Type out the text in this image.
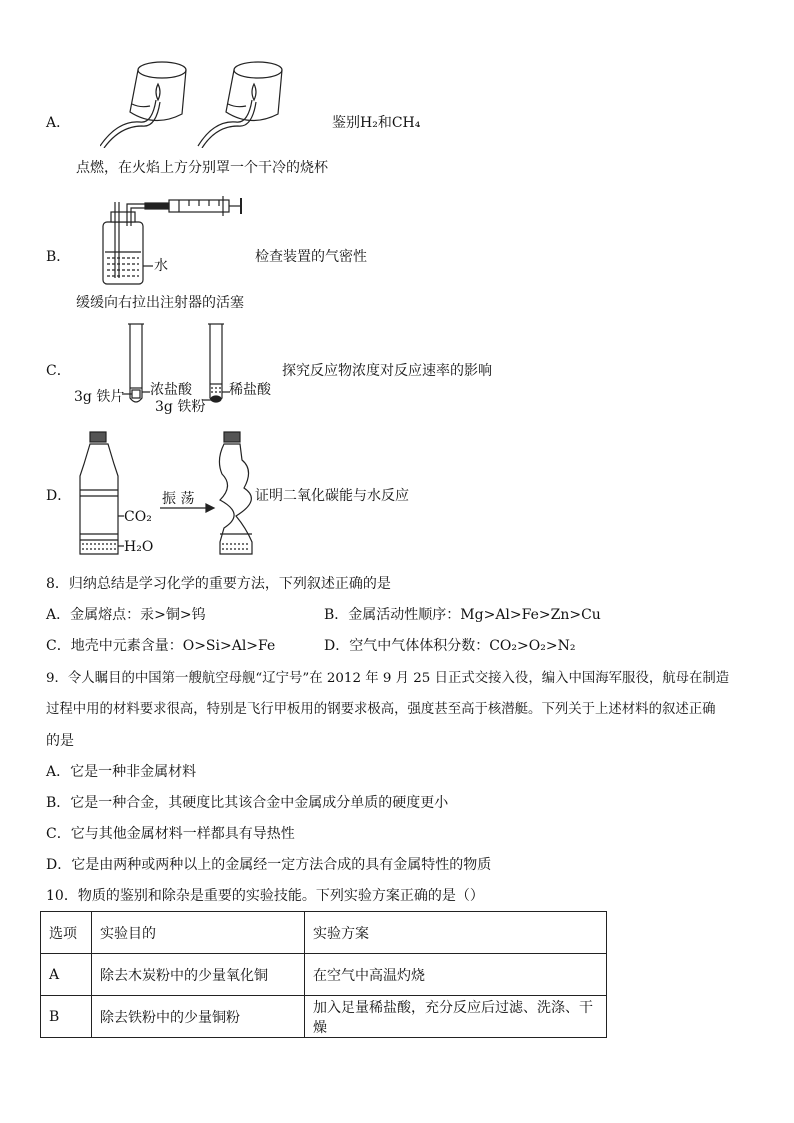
A．	鉴别H₂和CH₄
点燃，在火焰上方分别罩一个干冷的烧杯
B．
水
检查装置的气密性
缓缓向右拉出注射器的活塞
C．
3g 铁片 浓盐酸
3g 铁粉
稀盐酸
探究反应物浓度对反应速率的影响
D．	振 荡
CO₂
H₂O
证明二氧化碳能与水反应
8．归纳总结是学习化学的重要方法，下列叙述正确的是
A．金属熔点：汞>铜>钨	B．金属活动性顺序：Mg>Al>Fe>Zn>Cu
C．地壳中元素含量：O>Si>Al>Fe	D．空气中气体体积分数：CO₂>O₂>N₂
9．令人瞩目的中国第一艘航空母舰“辽宁号”在 2012 年 9 月 25 日正式交接入役，编入中国海军服役，航母在制造
过程中用的材料要求很高，特别是飞行甲板用的钢要求极高，强度甚至高于核潜艇。下列关于上述材料的叙述正确
的是
A．它是一种非金属材料
B．它是一种合金，其硬度比其该合金中金属成分单质的硬度更小
C．它与其他金属材料一样都具有导热性
D．它是由两种或两种以上的金属经一定方法合成的具有金属特性的物质
10．物质的鉴别和除杂是重要的实验技能。下列实验方案正确的是（）
选项	实验目的	实验方案
A	除去木炭粉中的少量氧化铜	在空气中高温灼烧
B	除去铁粉中的少量铜粉	加入足量稀盐酸，充分反应后过滤、洗涤、干燥
